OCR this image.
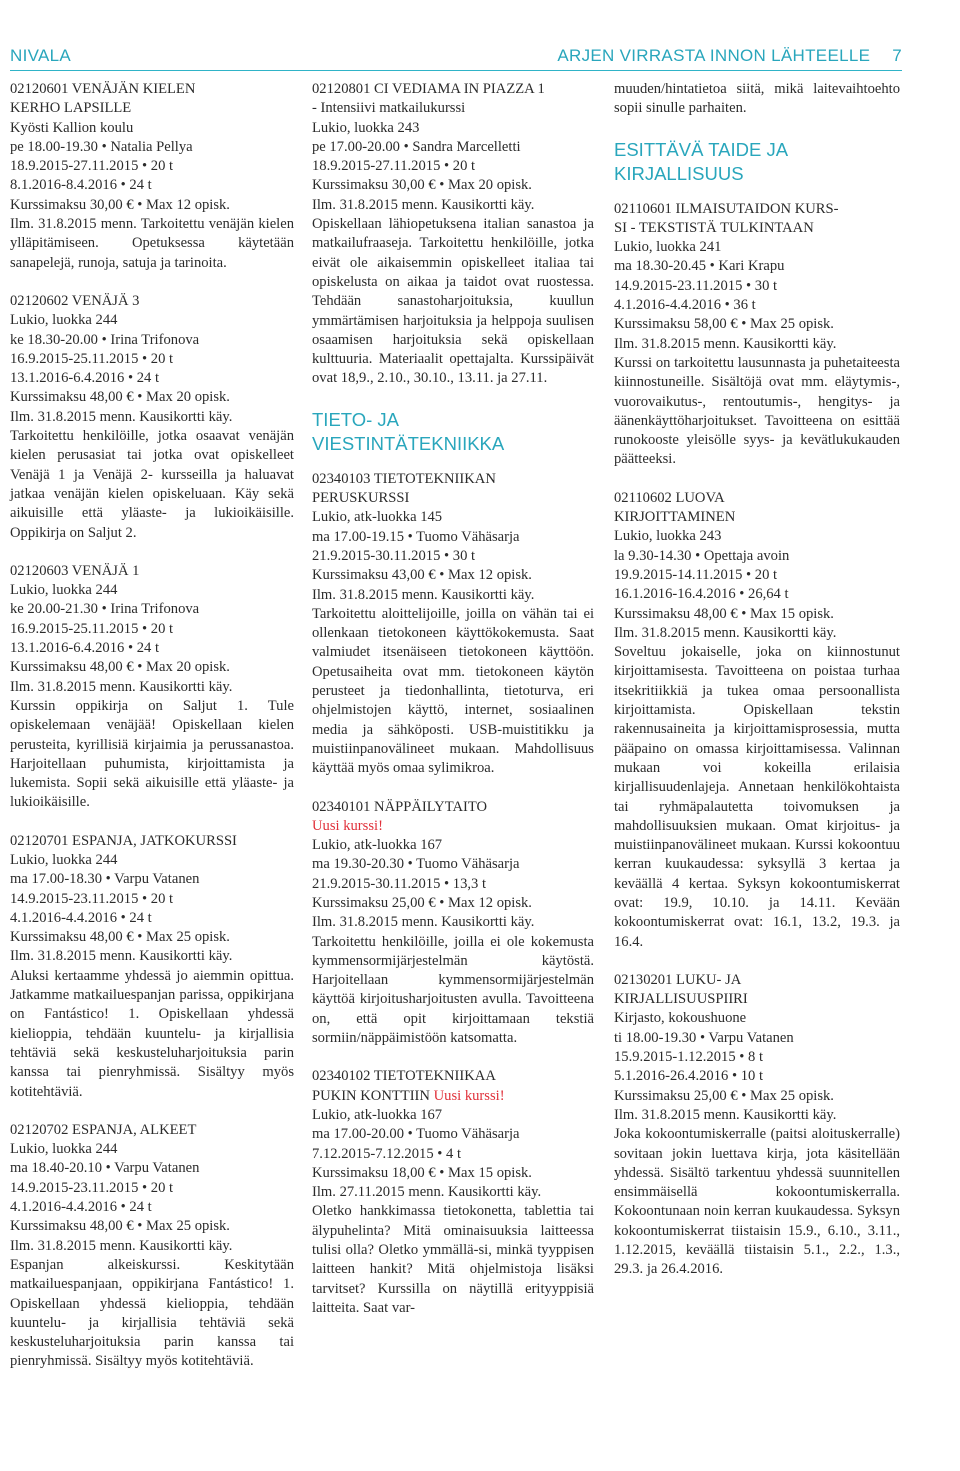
NIVALA	ARJEN VIRRASTA INNON LÄHTEELLE 7
02120601 VENÄJÄN KIELEN
KERHO LAPSILLE
Kyösti Kallion koulu
pe 18.00-19.30 • Natalia Pellya
18.9.2015-27.11.2015 • 20 t
8.1.2016-8.4.2016 • 24 t
Kurssimaksu 30,00 € • Max 12 opisk.
Ilm. 31.8.2015 menn. Tarkoitettu venäjän kielen ylläpitämiseen. Opetuksessa käytetään sanapelejä, runoja, satuja ja tarinoita.
02120602 VENÄJÄ 3
Lukio, luokka 244
ke 18.30-20.00 • Irina Trifonova
16.9.2015-25.11.2015 • 20 t
13.1.2016-6.4.2016 • 24 t
Kurssimaksu 48,00 € • Max 20 opisk.
Ilm. 31.8.2015 menn. Kausikortti käy.
Tarkoitettu henkilöille, jotka osaavat venäjän kielen perusasiat tai jotka ovat opiskelleet Venäjä 1 ja Venäjä 2- kursseilla ja haluavat jatkaa venäjän kielen opiskeluaan. Käy sekä aikuisille että yläaste- ja lukioikäisille. Oppikirja on Saljut 2.
02120603 VENÄJÄ 1
Lukio, luokka 244
ke 20.00-21.30 • Irina Trifonova
16.9.2015-25.11.2015 • 20 t
13.1.2016-6.4.2016 • 24 t
Kurssimaksu 48,00 € • Max 20 opisk.
Ilm. 31.8.2015 menn. Kausikortti käy.
Kurssin oppikirja on Saljut 1. Tule opiskelemaan venäjää! Opiskellaan kielen perusteita, kyrillisiä kirjaimia ja perussanastoa. Harjoitellaan puhumista, kirjoittamista ja lukemista. Sopii sekä aikuisille että yläaste- ja lukioikäisille.
02120701 ESPANJA, JATKOKURSSI
Lukio, luokka 244
ma 17.00-18.30 • Varpu Vatanen
14.9.2015-23.11.2015 • 20 t
4.1.2016-4.4.2016 • 24 t
Kurssimaksu 48,00 € • Max 25 opisk.
Ilm. 31.8.2015 menn. Kausikortti käy.
Aluksi kertaamme yhdessä jo aiemmin opittua. Jatkamme matkailuespanjan parissa, oppikirjana on Fantástico! 1. Opiskellaan yhdessä kielioppia, tehdään kuuntelu- ja kirjallisia tehtäviä sekä keskusteluharjoituksia parin kanssa tai pienryhmissä. Sisältyy myös kotitehtäviä.
02120702 ESPANJA, ALKEET
Lukio, luokka 244
ma 18.40-20.10 • Varpu Vatanen
14.9.2015-23.11.2015 • 20 t
4.1.2016-4.4.2016 • 24 t
Kurssimaksu 48,00 € • Max 25 opisk.
Ilm. 31.8.2015 menn. Kausikortti käy.
Espanjan alkeiskurssi. Keskitytään matkailuespanjaan, oppikirjana Fantástico! 1. Opiskellaan yhdessä kielioppia, tehdään kuuntelu- ja kirjallisia tehtäviä sekä keskusteluharjoituksia parin kanssa tai pienryhmissä. Sisältyy myös kotitehtäviä.
02120801 CI VEDIAMA IN PIAZZA 1
- Intensiivi matkailukurssi
Lukio, luokka 243
pe 17.00-20.00 • Sandra Marcelletti
18.9.2015-27.11.2015 • 20 t
Kurssimaksu 30,00 € • Max 20 opisk.
Ilm. 31.8.2015 menn. Kausikortti käy.
Opiskellaan lähiopetuksena italian sanastoa ja matkailufraaseja. Tarkoitettu henkilöille, jotka eivät ole aikaisemmin opiskelleet italiaa tai opiskelusta on aikaa ja taidot ovat ruostessa. Tehdään sanastoharjoituksia, kuullun ymmärtämisen harjoituksia ja helppoja suulisen osaamisen harjoituksia sekä opiskellaan kulttuuria. Materiaalit opettajalta. Kurssipäivät ovat 18,9., 2.10., 30.10., 13.11. ja 27.11.
TIETO- JA VIESTINTÄTEKNIIKKA
02340103 TIETOTEKNIIKAN
PERUSKURSSI
Lukio, atk-luokka 145
ma 17.00-19.15 • Tuomo Vähäsarja
21.9.2015-30.11.2015 • 30 t
Kurssimaksu 43,00 € • Max 12 opisk.
Ilm. 31.8.2015 menn. Kausikortti käy.
Tarkoitettu aloittelijoille, joilla on vähän tai ei ollenkaan tietokoneen käyttökokemusta. Saat valmiudet itsenäiseen tietokoneen käyttöön. Opetusaiheita ovat mm. tietokoneen käytön perusteet ja tiedonhallinta, tietoturva, eri ohjelmistojen käyttö, internet, sosiaalinen media ja sähköposti. USB-muistitikku ja muistiinpanovälineet mukaan. Mahdollisuus käyttää myös omaa sylimikroa.
02340101 NÄPPÄILYTAITO
Uusi kurssi!
Lukio, atk-luokka 167
ma 19.30-20.30 • Tuomo Vähäsarja
21.9.2015-30.11.2015 • 13,3 t
Kurssimaksu 25,00 € • Max 12 opisk.
Ilm. 31.8.2015 menn. Kausikortti käy.
Tarkoitettu henkilöille, joilla ei ole kokemusta kymmensormijärjestelmän käytöstä. Harjoitellaan kymmensormijärjestelmän käyttöä kirjoitusharjoitusten avulla. Tavoitteena on, että opit kirjoittamaan tekstiä sormiin/näppäimistöön katsomatta.
02340102 TIETOTEKNIIKAA
PUKIN KONTTIIN Uusi kurssi!
Lukio, atk-luokka 167
ma 17.00-20.00 • Tuomo Vähäsarja
7.12.2015-7.12.2015 • 4 t
Kurssimaksu 18,00 € • Max 15 opisk.
Ilm. 27.11.2015 menn. Kausikortti käy.
Oletko hankkimassa tietokonetta, tablettia tai älypuhelinta? Mitä ominaisuuksia laitteessa tulisi olla? Oletko ymmällä-si, minkä tyyppisen laitteen hankit? Mitä ohjelmistoja lisäksi tarvitset? Kurssilla on näytillä erityyppisiä laitteita. Saat var-
muuden/hintatietoa siitä, mikä laitevaihtoehto sopii sinulle parhaiten.
ESITTÄVÄ TAIDE JA KIRJALLISUUS
02110601 ILMAISUTAIDON KURS-
SI - TEKSTISTÄ TULKINTAAN
Lukio, luokka 241
ma 18.30-20.45 • Kari Krapu
14.9.2015-23.11.2015 • 30 t
4.1.2016-4.4.2016 • 36 t
Kurssimaksu 58,00 € • Max 25 opisk.
Ilm. 31.8.2015 menn. Kausikortti käy.
Kurssi on tarkoitettu lausunnasta ja puhetaiteesta kiinnostuneille. Sisältöjä ovat mm. eläytymis-, vuorovaikutus-, rentoutumis-, hengitys- ja äänenkäyttöharjoitukset. Tavoitteena on esittää runokooste yleisölle syys- ja kevätlukukauden päätteeksi.
02110602 LUOVA
KIRJOITTAMINEN
Lukio, luokka 243
la 9.30-14.30 • Opettaja avoin
19.9.2015-14.11.2015 • 20 t
16.1.2016-16.4.2016 • 26,64 t
Kurssimaksu 48,00 € • Max 15 opisk.
Ilm. 31.8.2015 menn. Kausikortti käy.
Soveltuu jokaiselle, joka on kiinnostunut kirjoittamisesta. Tavoitteena on poistaa turhaa itsekritiikkiä ja tukea omaa persoonallista kirjoittamista. Opiskellaan tekstin rakennusaineita ja kirjoittamisprosessia, mutta pääpaino on omassa kirjoittamisessa. Valinnan mukaan voi kokeilla erilaisia kirjallisuudenlajeja. Annetaan henkilökohtaista tai ryhmäpalautetta toivomuksen ja mahdollisuuksien mukaan. Omat kirjoitus- ja muistiinpanovälineet mukaan. Kurssi kokoontuu kerran kuukaudessa: syksyllä 3 kertaa ja keväällä 4 kertaa. Syksyn kokoontumiskerrat ovat: 19.9, 10.10. ja 14.11. Kevään kokoontumiskerrat ovat: 16.1, 13.2, 19.3. ja 16.4.
02130201 LUKU- JA
KIRJALLISUUSPIIRI
Kirjasto, kokoushuone
ti 18.00-19.30 • Varpu Vatanen
15.9.2015-1.12.2015 • 8 t
5.1.2016-26.4.2016 • 10 t
Kurssimaksu 25,00 € • Max 25 opisk.
Ilm. 31.8.2015 menn. Kausikortti käy.
Joka kokoontumiskerralle (paitsi aloituskerralle) sovitaan jokin luettava kirja, jota käsitellään yhdessä. Sisältö tarkentuu yhdessä suunnitellen ensimmäisellä kokoontumiskerralla. Kokoontunaan noin kerran kuukaudessa. Syksyn kokoontumiskerrat tiistaisin 15.9., 6.10., 3.11., 1.12.2015, keväällä tiistaisin 5.1., 2.2., 1.3., 29.3. ja 26.4.2016.
